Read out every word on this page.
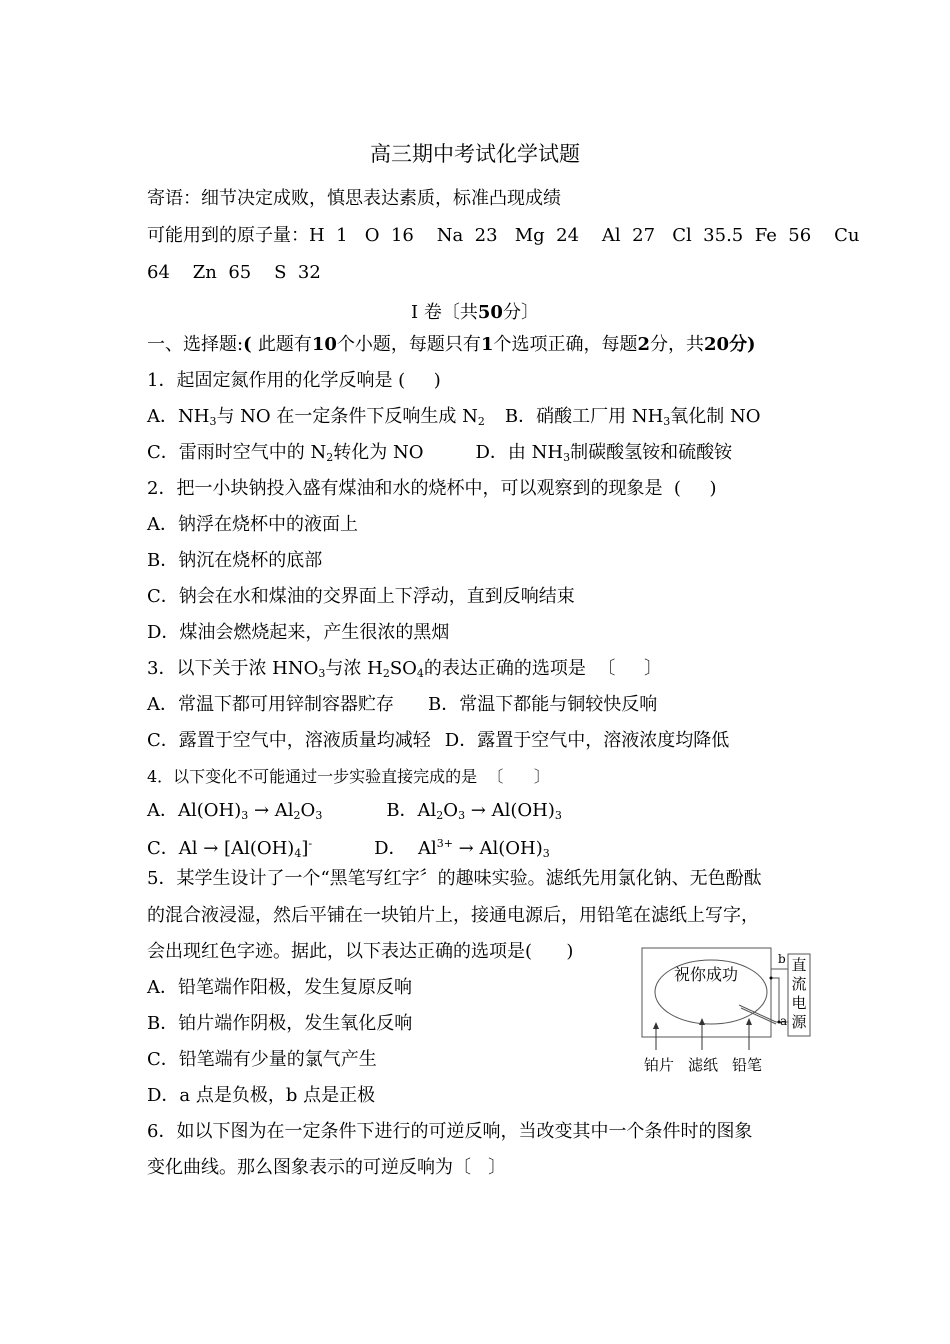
高三期中考试化学试题
寄语：细节决定成败，慎思表达素质，标准凸现成绩
可能用到的原子量：H  1   O  16    Na  23   Mg  24    Al  27   Cl  35.5  Fe  56    Cu
64    Zn  65    S  32
Ⅰ 卷〔共50分〕
一、选择题:( 此题有10个小题，每题只有1个选项正确，每题2分，共20分)
1．起固定氮作用的化学反响是 (     )
A．$NH_3$与 NO 在一定条件下反响生成 $N_2$ B．硝酸工厂用 $NH_3$氧化制 NO
C．雷雨时空气中的 $N_2$转化为 NO	D．由 $NH_3$制碳酸氢铵和硫酸铵
2．把一小块钠投入盛有煤油和水的烧杯中，可以观察到的现象是  (     )
A．钠浮在烧杯中的液面上
B．钠沉在烧杯的底部
C．钠会在水和煤油的交界面上下浮动，直到反响结束
D．煤油会燃烧起来，产生很浓的黑烟
3．以下关于浓 $HNO_3$与浓 $H_2SO_4$的表达正确的选项是  〔     〕
A．常温下都可用锌制容器贮存 B．常温下都能与铜较快反响
C．露置于空气中，溶液质量均减轻 D．露置于空气中，溶液浓度均降低
4．以下变化不可能通过一步实验直接完成的是  〔      〕
A．$Al(OH)_3 \to Al_2O_3$	B．$Al_2O_3 \to Al(OH)_3$
C．$Al \to [Al(OH)_4]^-$	D．  $Al^{3+} \to Al(OH)_3$
5．某学生设计了一个“黑笔写红字〞的趣味实验。滤纸先用氯化钠、无色酚酞
的混合液浸湿，然后平铺在一块铂片上，接通电源后，用铅笔在滤纸上写字，
会出现红色字迹。据此，以下表达正确的选项是(      )
A．铅笔端作阳极，发生复原反响
B．铂片端作阴极，发生氧化反响
C．铅笔端有少量的氯气产生
D．a 点是负极，b 点是正极
祝你成功
b
a
直
流
电
源
铂片 滤纸 铅笔
6．如以下图为在一定条件下进行的可逆反响，当改变其中一个条件时的图象
变化曲线。那么图象表示的可逆反响为〔   〕
